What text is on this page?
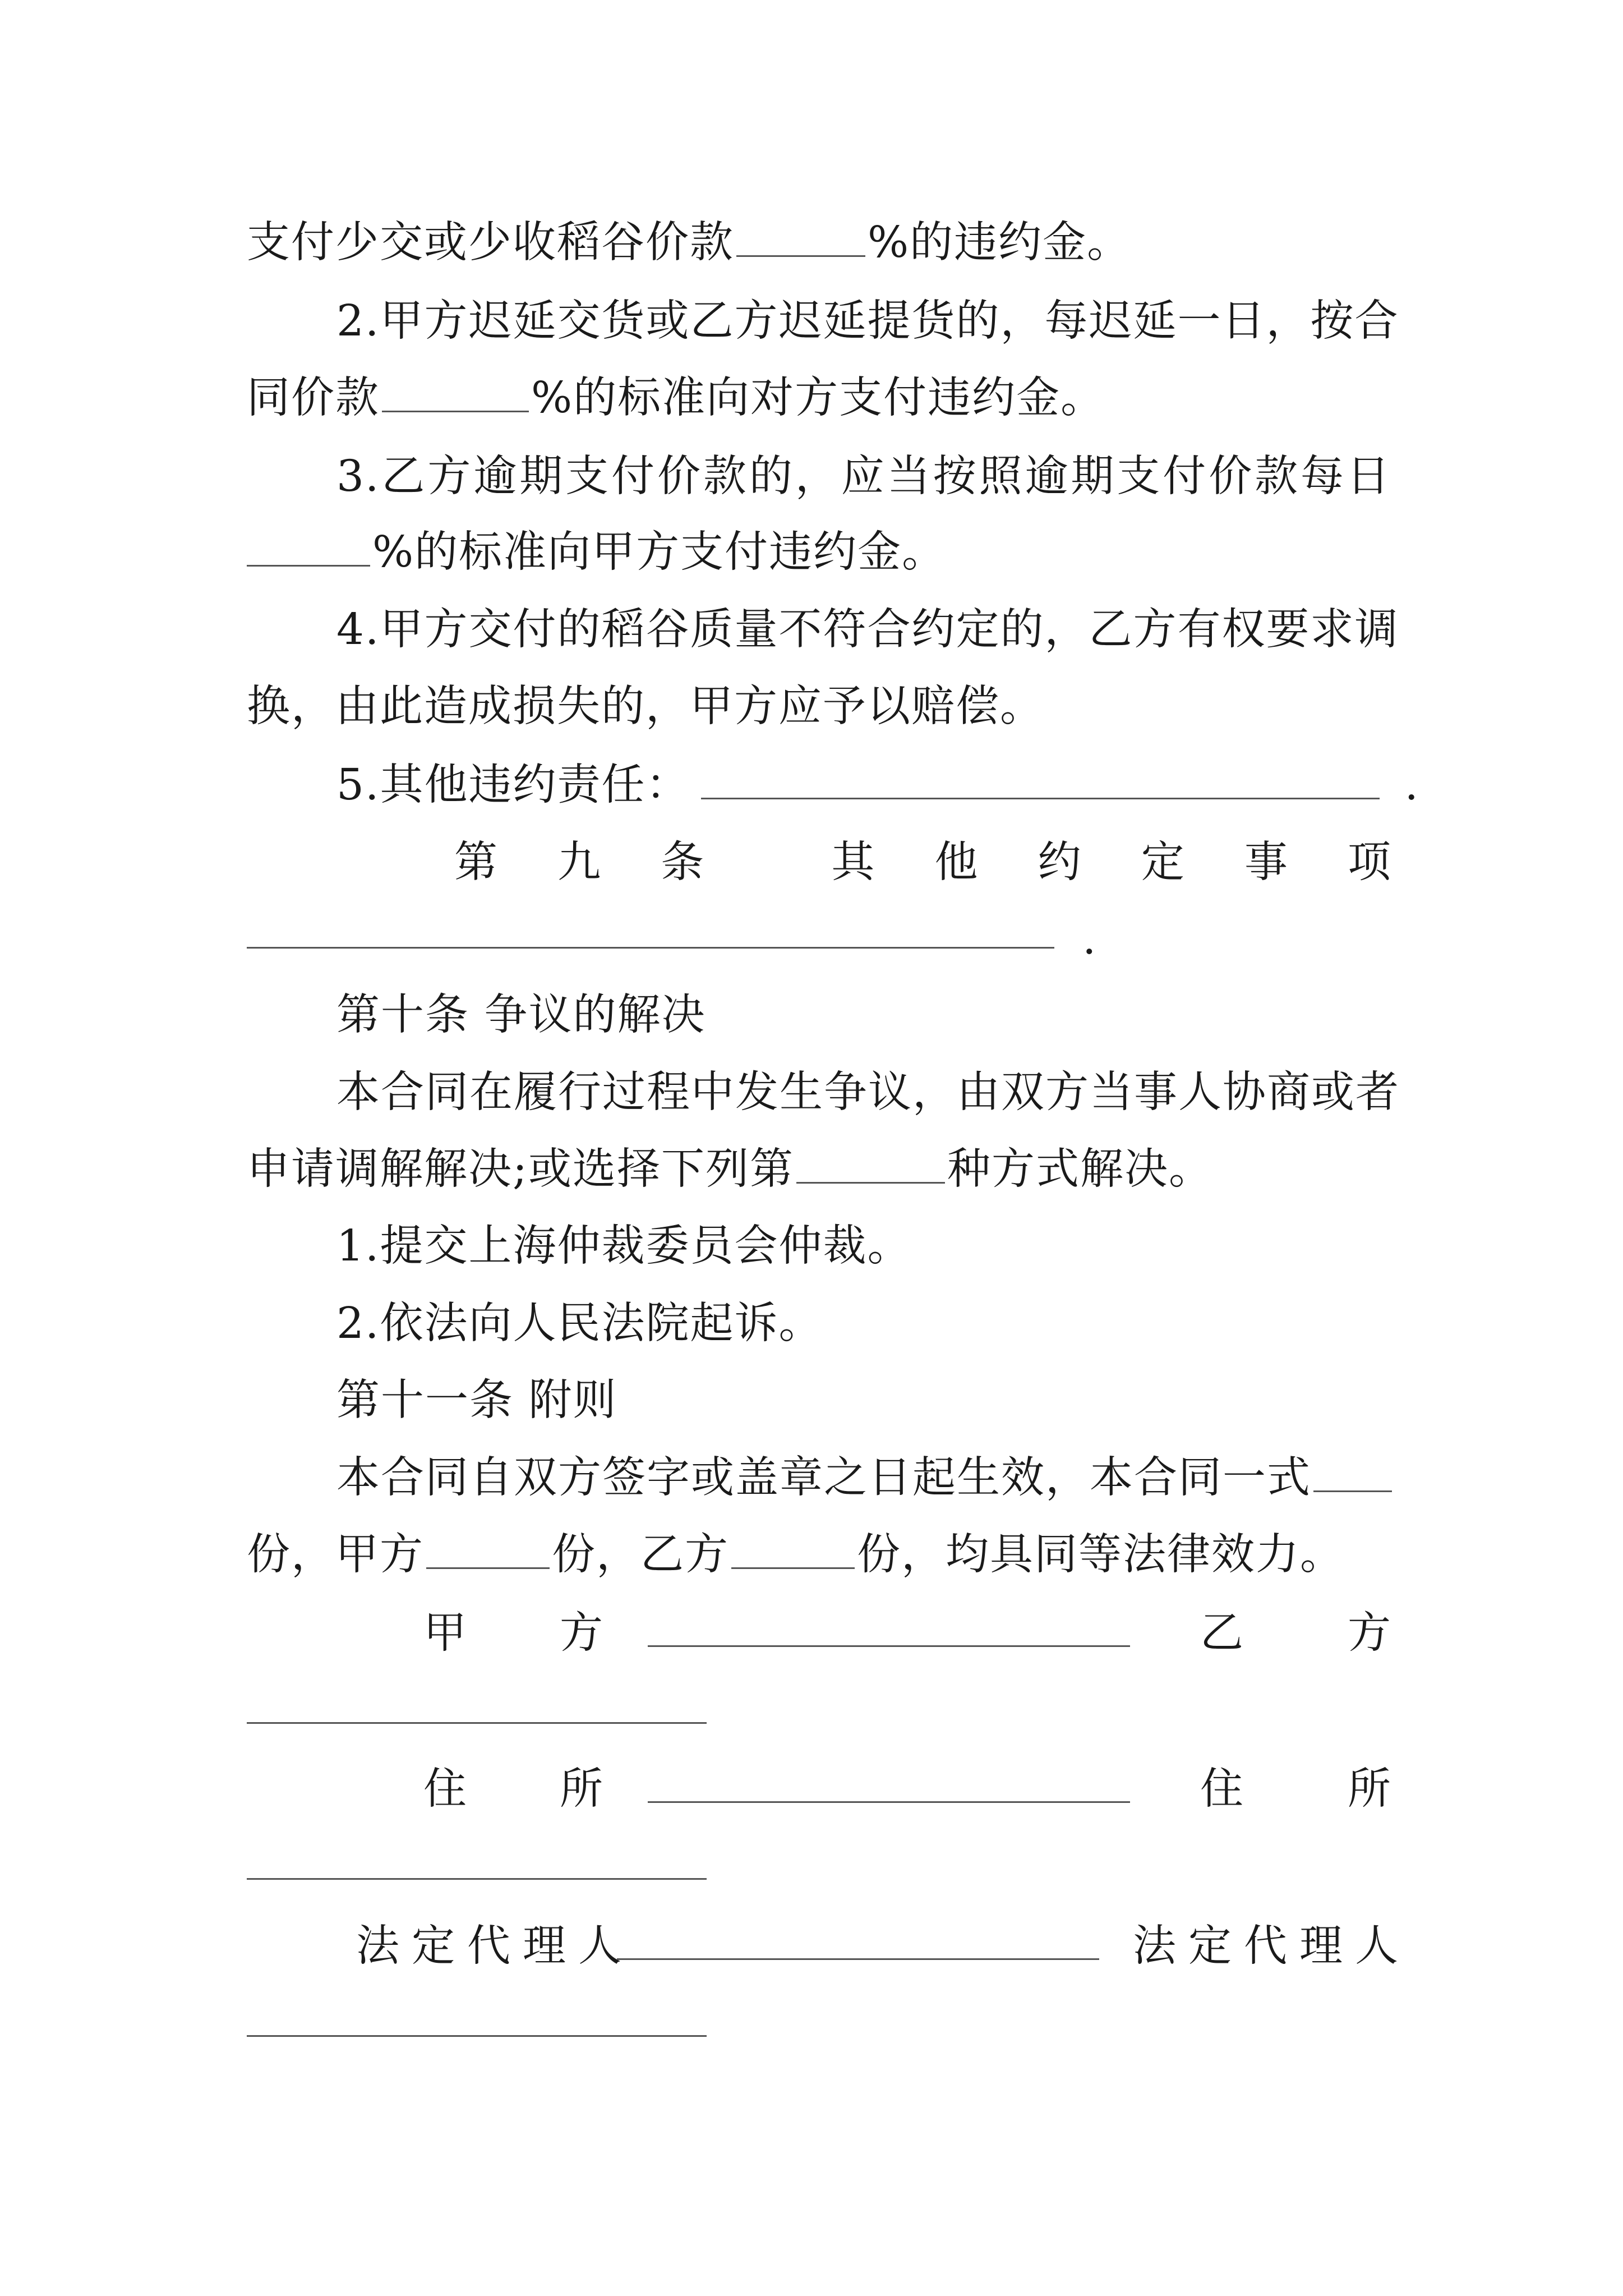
支付少交或少收稻谷价款	%的违约金。
2.甲方迟延交货或乙方迟延提货的，每迟延一日，按合
同价款	%的标准向对方支付违约金。
3.乙方逾期支付价款的，应当按照逾期支付价款每日
%的标准向甲方支付违约金。
4.甲方交付的稻谷质量不符合约定的，乙方有权要求调
换，由此造成损失的，甲方应予以赔偿。
5.其他违约责任：	.
第 九 条	其 他 约 定 事 项
.
第十条 争议的解决
本合同在履行过程中发生争议，由双方当事人协商或者
申请调解解决;或选择下列第	种方式解决。
1.提交上海仲裁委员会仲裁。
2.依法向人民法院起诉。
第十一条 附则
本合同自双方签字或盖章之日起生效，本合同一式
份，甲方	份，乙方	份，均具同等法律效力。
甲 方	乙 方
住 所	住 所
法定代理人	法定代理人
